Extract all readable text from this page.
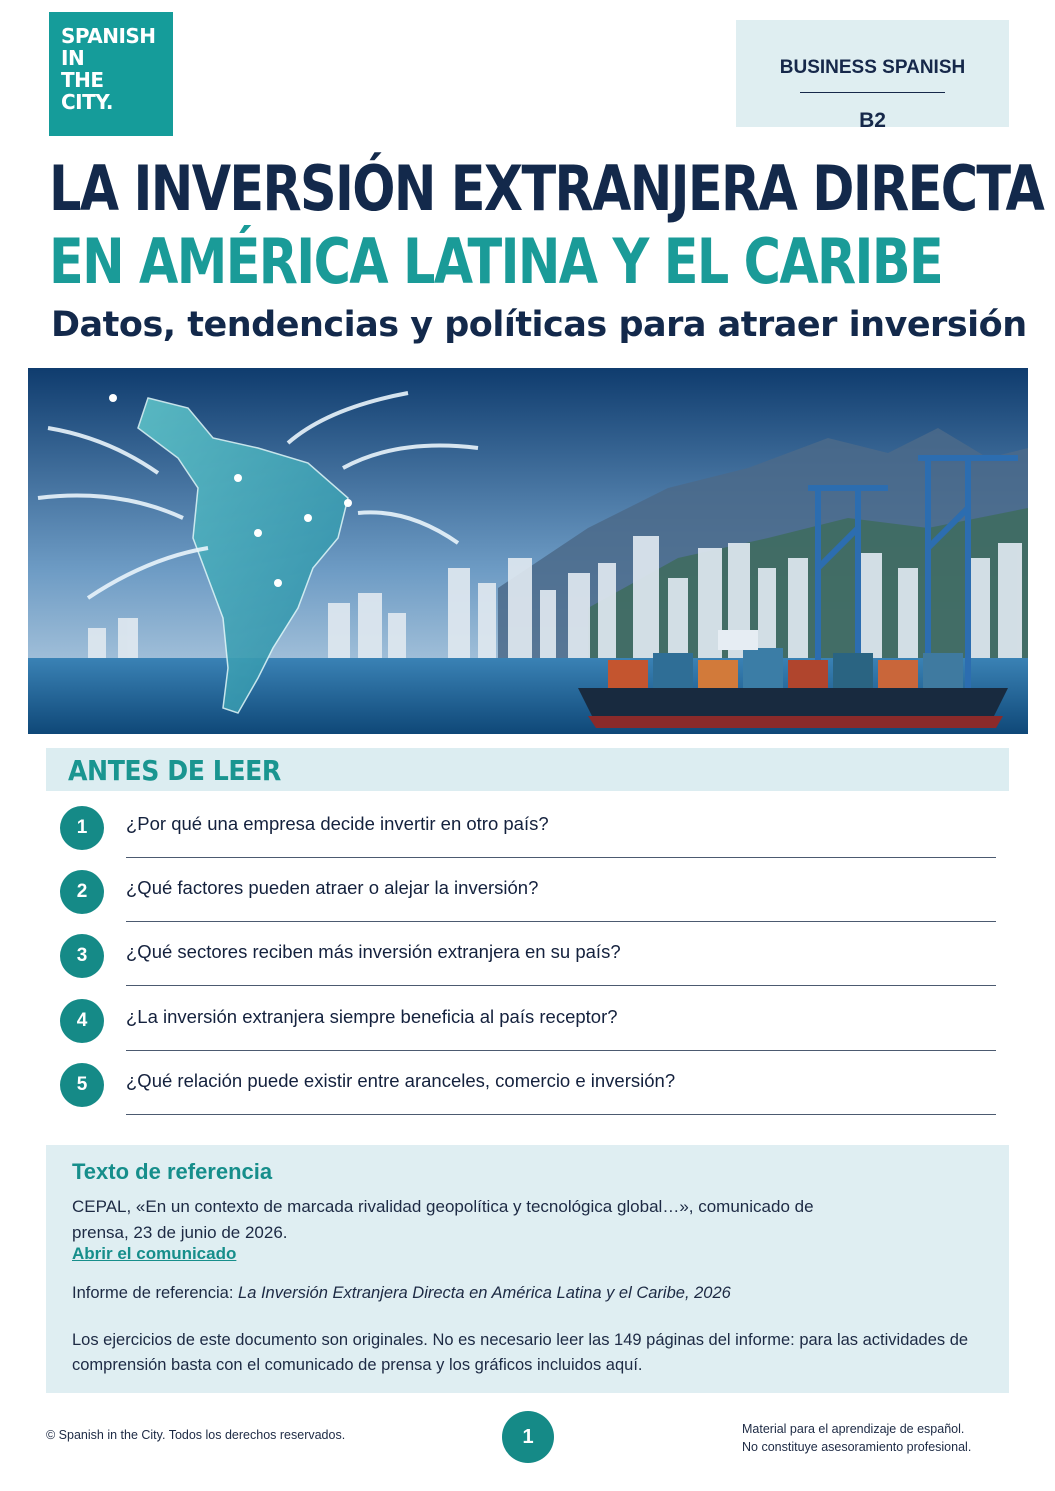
SPANISH
IN
THE
CITY.
BUSINESS SPANISH
B2
LA INVERSIÓN EXTRANJERA DIRECTA
EN AMÉRICA LATINA Y EL CARIBE
Datos, tendencias y políticas para atraer inversión
ANTES DE LEER
1	¿Por qué una empresa decide invertir en otro país?
2	¿Qué factores pueden atraer o alejar la inversión?
3	¿Qué sectores reciben más inversión extranjera en su país?
4	¿La inversión extranjera siempre beneficia al país receptor?
5	¿Qué relación puede existir entre aranceles, comercio e inversión?
Texto de referencia
CEPAL, «En un contexto de marcada rivalidad geopolítica y tecnológica global…», comunicado de prensa, 23 de junio de 2026.
Abrir el comunicado
Informe de referencia: La Inversión Extranjera Directa en América Latina y el Caribe, 2026
Los ejercicios de este documento son originales. No es necesario leer las 149 páginas del informe: para las actividades de comprensión basta con el comunicado de prensa y los gráficos incluidos aquí.
© Spanish in the City. Todos los derechos reservados.	1	Material para el aprendizaje de español.
No constituye asesoramiento profesional.
